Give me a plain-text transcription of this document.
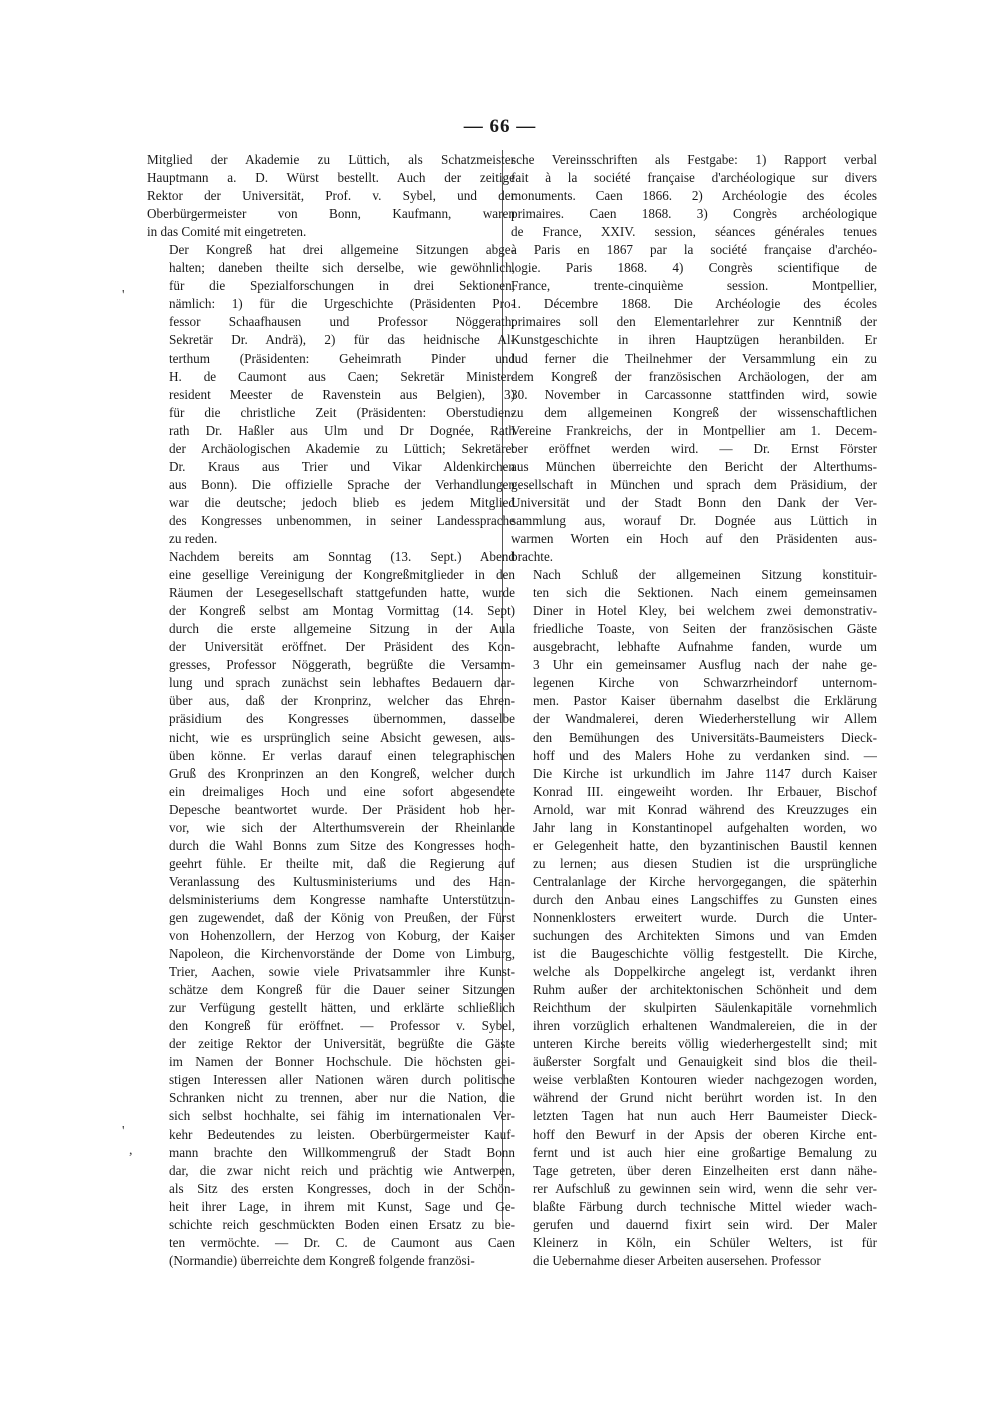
— 66 —
Mitglied der Akademie zu Lüttich, als Schatzmeister
Hauptmann a. D. Würst bestellt. Auch der zeitige
Rektor der Universität, Prof. v. Sybel, und der
Oberbürgermeister von Bonn, Kaufmann, waren
in das Comité mit eingetreten.
Der Kongreß hat drei allgemeine Sitzungen abge-
halten; daneben theilte sich derselbe, wie gewöhnlich,
für die Spezialforschungen in drei Sektionen,
nämlich: 1) für die Urgeschichte (Präsidenten Pro-
fessor Schaafhausen und Professor Nöggerath;
Sekretär Dr. Andrä), 2) für das heidnische Al-
terthum (Präsidenten: Geheimrath Pinder und
H. de Caumont aus Caen; Sekretär Minister-
resident Meester de Ravenstein aus Belgien), 3)
für die christliche Zeit (Präsidenten: Oberstudien-
rath Dr. Haßler aus Ulm und Dr Dognée, Rath
der Archäologischen Akademie zu Lüttich; Sekretäre:
Dr. Kraus aus Trier und Vikar Aldenkirchen
aus Bonn). Die offizielle Sprache der Verhandlungen
war die deutsche; jedoch blieb es jedem Mitglied
des Kongresses unbenommen, in seiner Landessprache
zu reden.
Nachdem bereits am Sonntag (13. Sept.) Abend
eine gesellige Vereinigung der Kongreßmitglieder in den
Räumen der Lesegesellschaft stattgefunden hatte, wurde
der Kongreß selbst am Montag Vormittag (14. Sept)
durch die erste allgemeine Sitzung in der Aula
der Universität eröffnet. Der Präsident des Kon-
gresses, Professor Nöggerath, begrüßte die Versamm-
lung und sprach zunächst sein lebhaftes Bedauern dar-
über aus, daß der Kronprinz, welcher das Ehren-
präsidium des Kongresses übernommen, dasselbe
nicht, wie es ursprünglich seine Absicht gewesen, aus-
üben könne. Er verlas darauf einen telegraphischen
Gruß des Kronprinzen an den Kongreß, welcher durch
ein dreimaliges Hoch und eine sofort abgesendete
Depesche beantwortet wurde. Der Präsident hob her-
vor, wie sich der Alterthumsverein der Rheinlande
durch die Wahl Bonns zum Sitze des Kongresses hoch-
geehrt fühle. Er theilte mit, daß die Regierung auf
Veranlassung des Kultusministeriums und des Han-
delsministeriums dem Kongresse namhafte Unterstützun-
gen zugewendet, daß der König von Preußen, der Fürst
von Hohenzollern, der Herzog von Koburg, der Kaiser
Napoleon, die Kirchenvorstände der Dome von Limburg,
Trier, Aachen, sowie viele Privatsammler ihre Kunst-
schätze dem Kongreß für die Dauer seiner Sitzungen
zur Verfügung gestellt hätten, und erklärte schließlich
den Kongreß für eröffnet. — Professor v. Sybel,
der zeitige Rektor der Universität, begrüßte die Gäste
im Namen der Bonner Hochschule. Die höchsten gei-
stigen Interessen aller Nationen wären durch politische
Schranken nicht zu trennen, aber nur die Nation, die
sich selbst hochhalte, sei fähig im internationalen Ver-
kehr Bedeutendes zu leisten. Oberbürgermeister Kauf-
mann brachte den Willkommengruß der Stadt Bonn
dar, die zwar nicht reich und prächtig wie Antwerpen,
als Sitz des ersten Kongresses, doch in der Schön-
heit ihrer Lage, in ihrem mit Kunst, Sage und Ge-
schichte reich geschmückten Boden einen Ersatz zu bie-
ten vermöchte. — Dr. C. de Caumont aus Caen
(Normandie) überreichte dem Kongreß folgende französi-
sche Vereinsschriften als Festgabe: 1) Rapport verbal
fait à la société française d'archéologique sur divers
monuments. Caen 1866. 2) Archéologie des écoles
primaires. Caen 1868. 3) Congrès archéologique
de France, XXIV. session, séances générales tenues
à Paris en 1867 par la société française d'archéo-
logie. Paris 1868. 4) Congrès scientifique de
France, trente-cinquième session. Montpellier,
1. Décembre 1868. Die Archéologie des écoles
primaires soll den Elementarlehrer zur Kenntniß der
Kunstgeschichte in ihren Hauptzügen heranbilden. Er
lud ferner die Theilnehmer der Versammlung ein zu
dem Kongreß der französischen Archäologen, der am
30. November in Carcassonne stattfinden wird, sowie
zu dem allgemeinen Kongreß der wissenschaftlichen
Vereine Frankreichs, der in Montpellier am 1. Decem-
ber eröffnet werden wird. — Dr. Ernst Förster
aus München überreichte den Bericht der Alterthums-
gesellschaft in München und sprach dem Präsidium, der
Universität und der Stadt Bonn den Dank der Ver-
sammlung aus, worauf Dr. Dognée aus Lüttich in
warmen Worten ein Hoch auf den Präsidenten aus-
brachte.
Nach Schluß der allgemeinen Sitzung konstituir-
ten sich die Sektionen. Nach einem gemeinsamen
Diner in Hotel Kley, bei welchem zwei demonstrativ-
friedliche Toaste, von Seiten der französischen Gäste
ausgebracht, lebhafte Aufnahme fanden, wurde um
3 Uhr ein gemeinsamer Ausflug nach der nahe ge-
legenen Kirche von Schwarzrheindorf unternom-
men. Pastor Kaiser übernahm daselbst die Erklärung
der Wandmalerei, deren Wiederherstellung wir Allem
den Bemühungen des Universitäts-Baumeisters Dieck-
hoff und des Malers Hohe zu verdanken sind. —
Die Kirche ist urkundlich im Jahre 1147 durch Kaiser
Konrad III. eingeweiht worden. Ihr Erbauer, Bischof
Arnold, war mit Konrad während des Kreuzzuges ein
Jahr lang in Konstantinopel aufgehalten worden, wo
er Gelegenheit hatte, den byzantinischen Baustil kennen
zu lernen; aus diesen Studien ist die ursprüngliche
Centralanlage der Kirche hervorgegangen, die späterhin
durch den Anbau eines Langschiffes zu Gunsten eines
Nonnenklosters erweitert wurde. Durch die Unter-
suchungen des Architekten Simons und van Emden
ist die Baugeschichte völlig festgestellt. Die Kirche,
welche als Doppelkirche angelegt ist, verdankt ihren
Ruhm außer der architektonischen Schönheit und dem
Reichthum der skulpirten Säulenkapitäle vornehmlich
ihren vorzüglich erhaltenen Wandmalereien, die in der
unteren Kirche bereits völlig wiederhergestellt sind; mit
äußerster Sorgfalt und Genauigkeit sind blos die theil-
weise verblaßten Kontouren wieder nachgezogen worden,
während der Grund nicht berührt worden ist. In den
letzten Tagen hat nun auch Herr Baumeister Dieck-
hoff den Bewurf in der Apsis der oberen Kirche ent-
fernt und ist auch hier eine großartige Bemalung zu
Tage getreten, über deren Einzelheiten erst dann nähe-
rer Aufschluß zu gewinnen sein wird, wenn die sehr ver-
blaßte Färbung durch technische Mittel wieder wach-
gerufen und dauernd fixirt sein wird. Der Maler
Kleinerz in Köln, ein Schüler Welters, ist für
die Uebernahme dieser Arbeiten ausersehen. Professor
'
'
,
